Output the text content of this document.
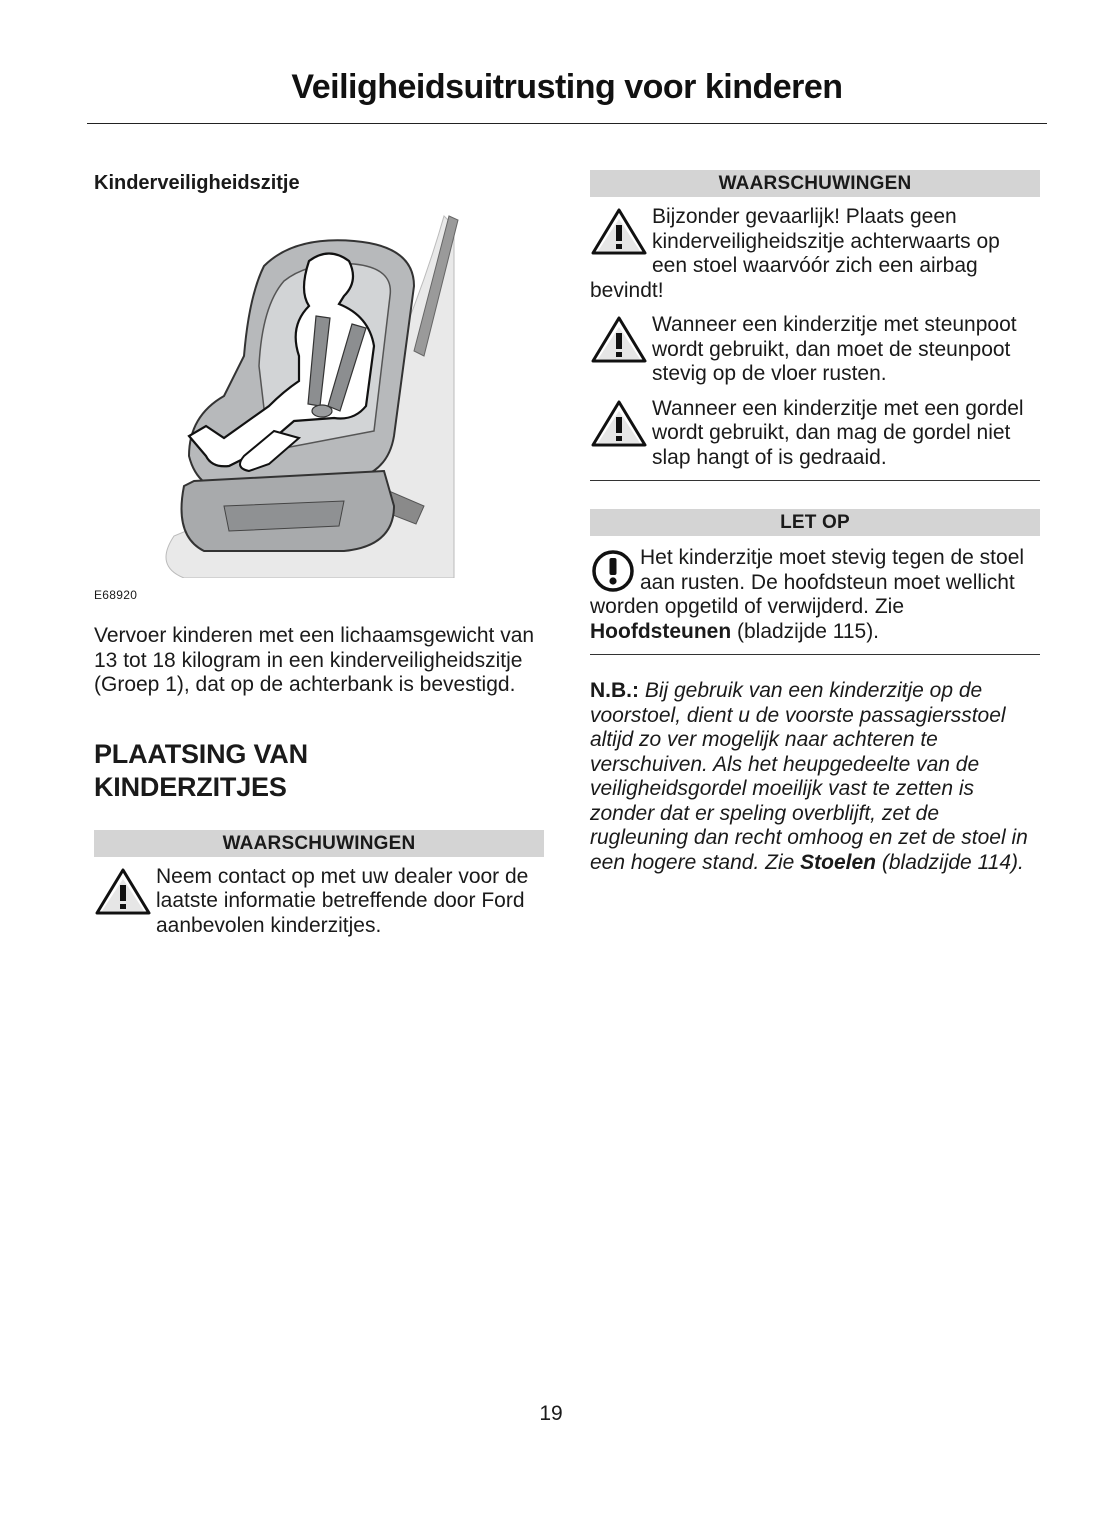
Veiligheidsuitrusting voor kinderen

Kinderveiligheidszitje

E68920

Vervoer kinderen met een lichaamsgewicht van 13 tot 18 kilogram in een kinderveiligheidszitje (Groep 1), dat op de achterbank is bevestigd.

PLAATSING VAN
KINDERZITJES
WAARSCHUWINGEN

Neem contact op met uw dealer voor de laatste informatie betreffende door Ford aanbevolen kinderzitjes.

WAARSCHUWINGEN

Bijzonder gevaarlijk! Plaats geen kinderveiligheidszitje achterwaarts op een stoel waarvóór zich een airbag bevindt!

Wanneer een kinderzitje met steunpoot wordt gebruikt, dan moet de steunpoot stevig op de vloer rusten.

Wanneer een kinderzitje met een gordel wordt gebruikt, dan mag de gordel niet slap hangt of is gedraaid.

LET OP

Het kinderzitje moet stevig tegen de stoel aan rusten. De hoofdsteun moet wellicht worden opgetild of verwijderd. Zie Hoofdsteunen (bladzijde 115).

N.B.: Bij gebruik van een kinderzitje op de voorstoel, dient u de voorste passagiersstoel altijd zo ver mogelijk naar achteren te verschuiven. Als het heupgedeelte van de veiligheidsgordel moeilijk vast te zetten is zonder dat er speling overblijft, zet de rugleuning dan recht omhoog en zet de stoel in een hogere stand. Zie Stoelen (bladzijde 114).

19
